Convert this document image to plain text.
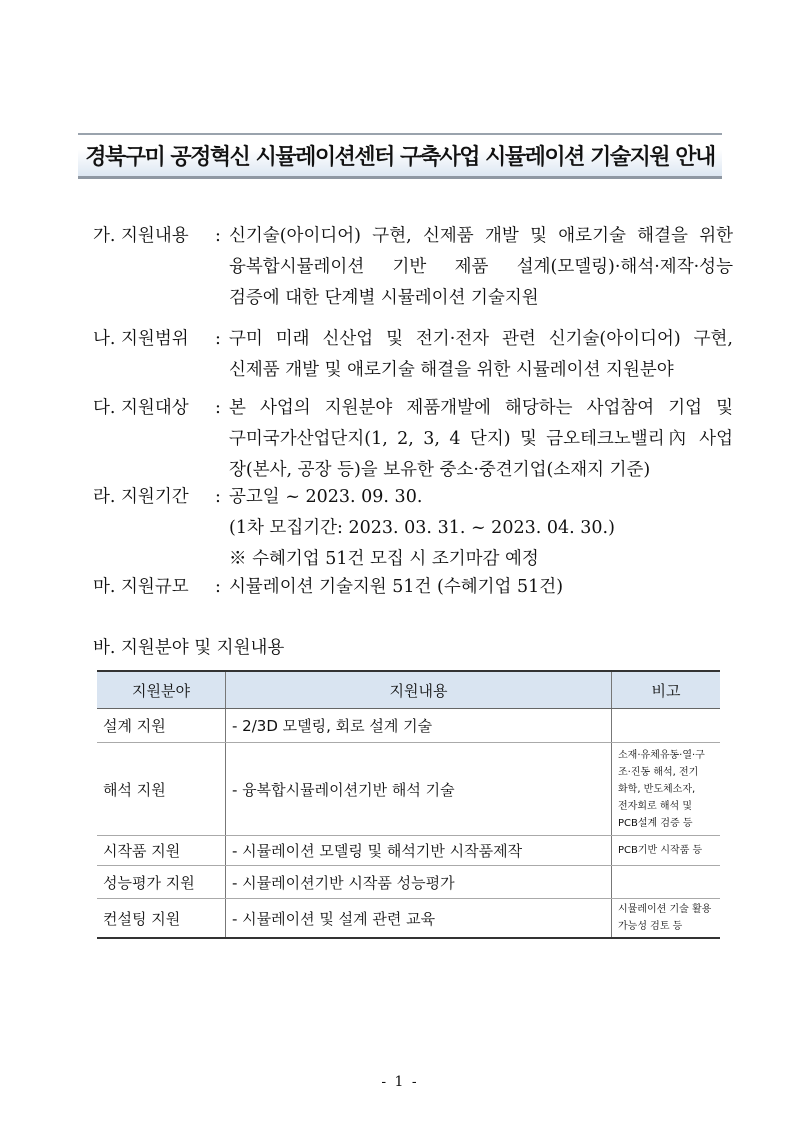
경북구미 공정혁신 시뮬레이션센터 구축사업 시뮬레이션 기술지원 안내
가. 지원내용 : 신기술(아이디어) 구현, 신제품 개발 및 애로기술 해결을 위한
융복합시뮬레이션 기반 제품 설계(모델링)·해석·제작·성능
검증에 대한 단계별 시뮬레이션 기술지원
나. 지원범위 : 구미 미래 신산업 및 전기·전자 관련 신기술(아이디어) 구현,
신제품 개발 및 애로기술 해결을 위한 시뮬레이션 지원분야
다. 지원대상 : 본 사업의 지원분야 제품개발에 해당하는 사업참여 기업 및
구미국가산업단지(1, 2, 3, 4 단지) 및 금오테크노밸리內 사업
장(본사, 공장 등)을 보유한 중소·중견기업(소재지 기준)
라. 지원기간 : 공고일 ~ 2023. 09. 30.
(1차 모집기간: 2023. 03. 31. ~ 2023. 04. 30.)
※ 수혜기업 51건 모집 시 조기마감 예정
마. 지원규모 : 시뮬레이션 기술지원 51건 (수혜기업 51건)
바. 지원분야 및 지원내용
지원분야	지원내용	비고
설계 지원	- 2/3D 모델링, 회로 설계 기술	
해석 지원	- 융복합시뮬레이션기반 해석 기술	소재·유체유동·열·구
조·진동 해석, 전기
화학, 반도체소자,
전자회로 해석 및
PCB설계 검증 등

시작품 지원	- 시뮬레이션 모델링 및 해석기반 시작품제작	PCB기반 시작품 등

성능평가 지원	- 시뮬레이션기반 시작품 성능평가	
컨설팅 지원	- 시뮬레이션 및 설계 관련 교육	시뮬레이션 기술 활용
가능성 검토 등
- 1 -
